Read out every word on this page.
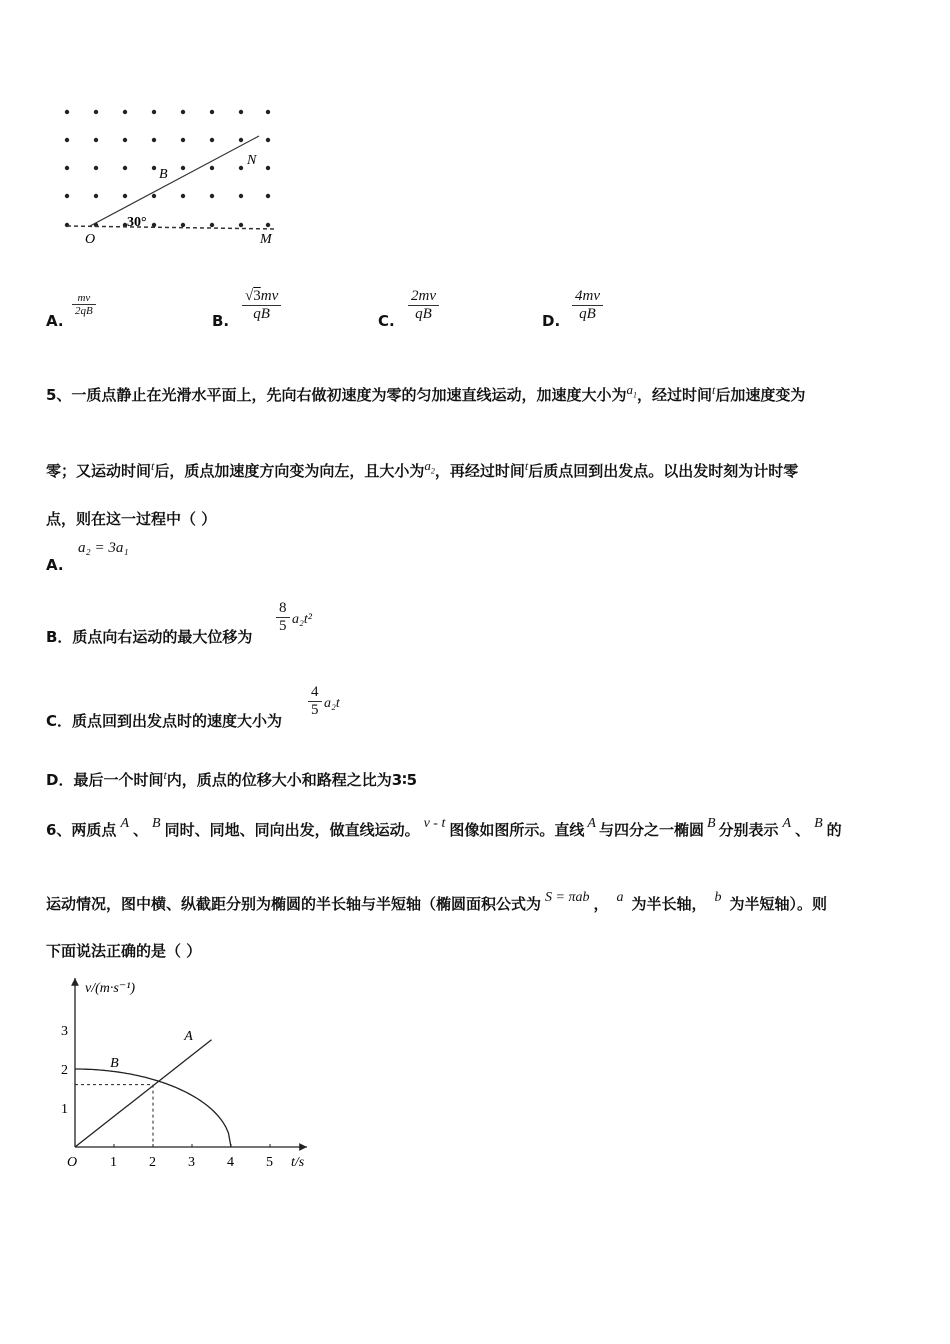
B
N
30°
O	M
A.
$\frac{mv}{2qB}$
B. $\frac{√3mv}{qB}$	C. $\frac{2mv}{qB}$	D. $\frac{4mv}{qB}$
5、一质点静止在光滑水平面上，先向右做初速度为零的匀加速直线运动，加速度大小为$a_1$，经过时间$^t$后加速度变为
零；又运动时间$^t$后，质点加速度方向变为向左，且大小为$a_2$，再经过时间$^t$后质点回到出发点。以出发时刻为计时零
点，则在这一过程中（ ）
A.
a₂ = 3a₁
B．质点向右运动的最大位移为
$\frac{8}{5} a_2t^2$
C．质点回到出发点时的速度大小为
$\frac{4}{5} a_2t$
D．最后一个时间$^t$内，质点的位移大小和路程之比为3∶5
6、两质点 A 、 B 同时、同地、同向出发，做直线运动。 v - t 图像如图所示。直线 A 与四分之一椭圆 B 分别表示 A 、 B 的
运动情况，图中横、纵截距分别为椭圆的半长轴与半短轴（椭圆面积公式为 S = πab ， a 为半长轴， b 为半短轴）。则
下面说法正确的是（ ）
v/(m·s⁻¹)
t/s
O 1 2 3 4 5
1
2
3	A
B
